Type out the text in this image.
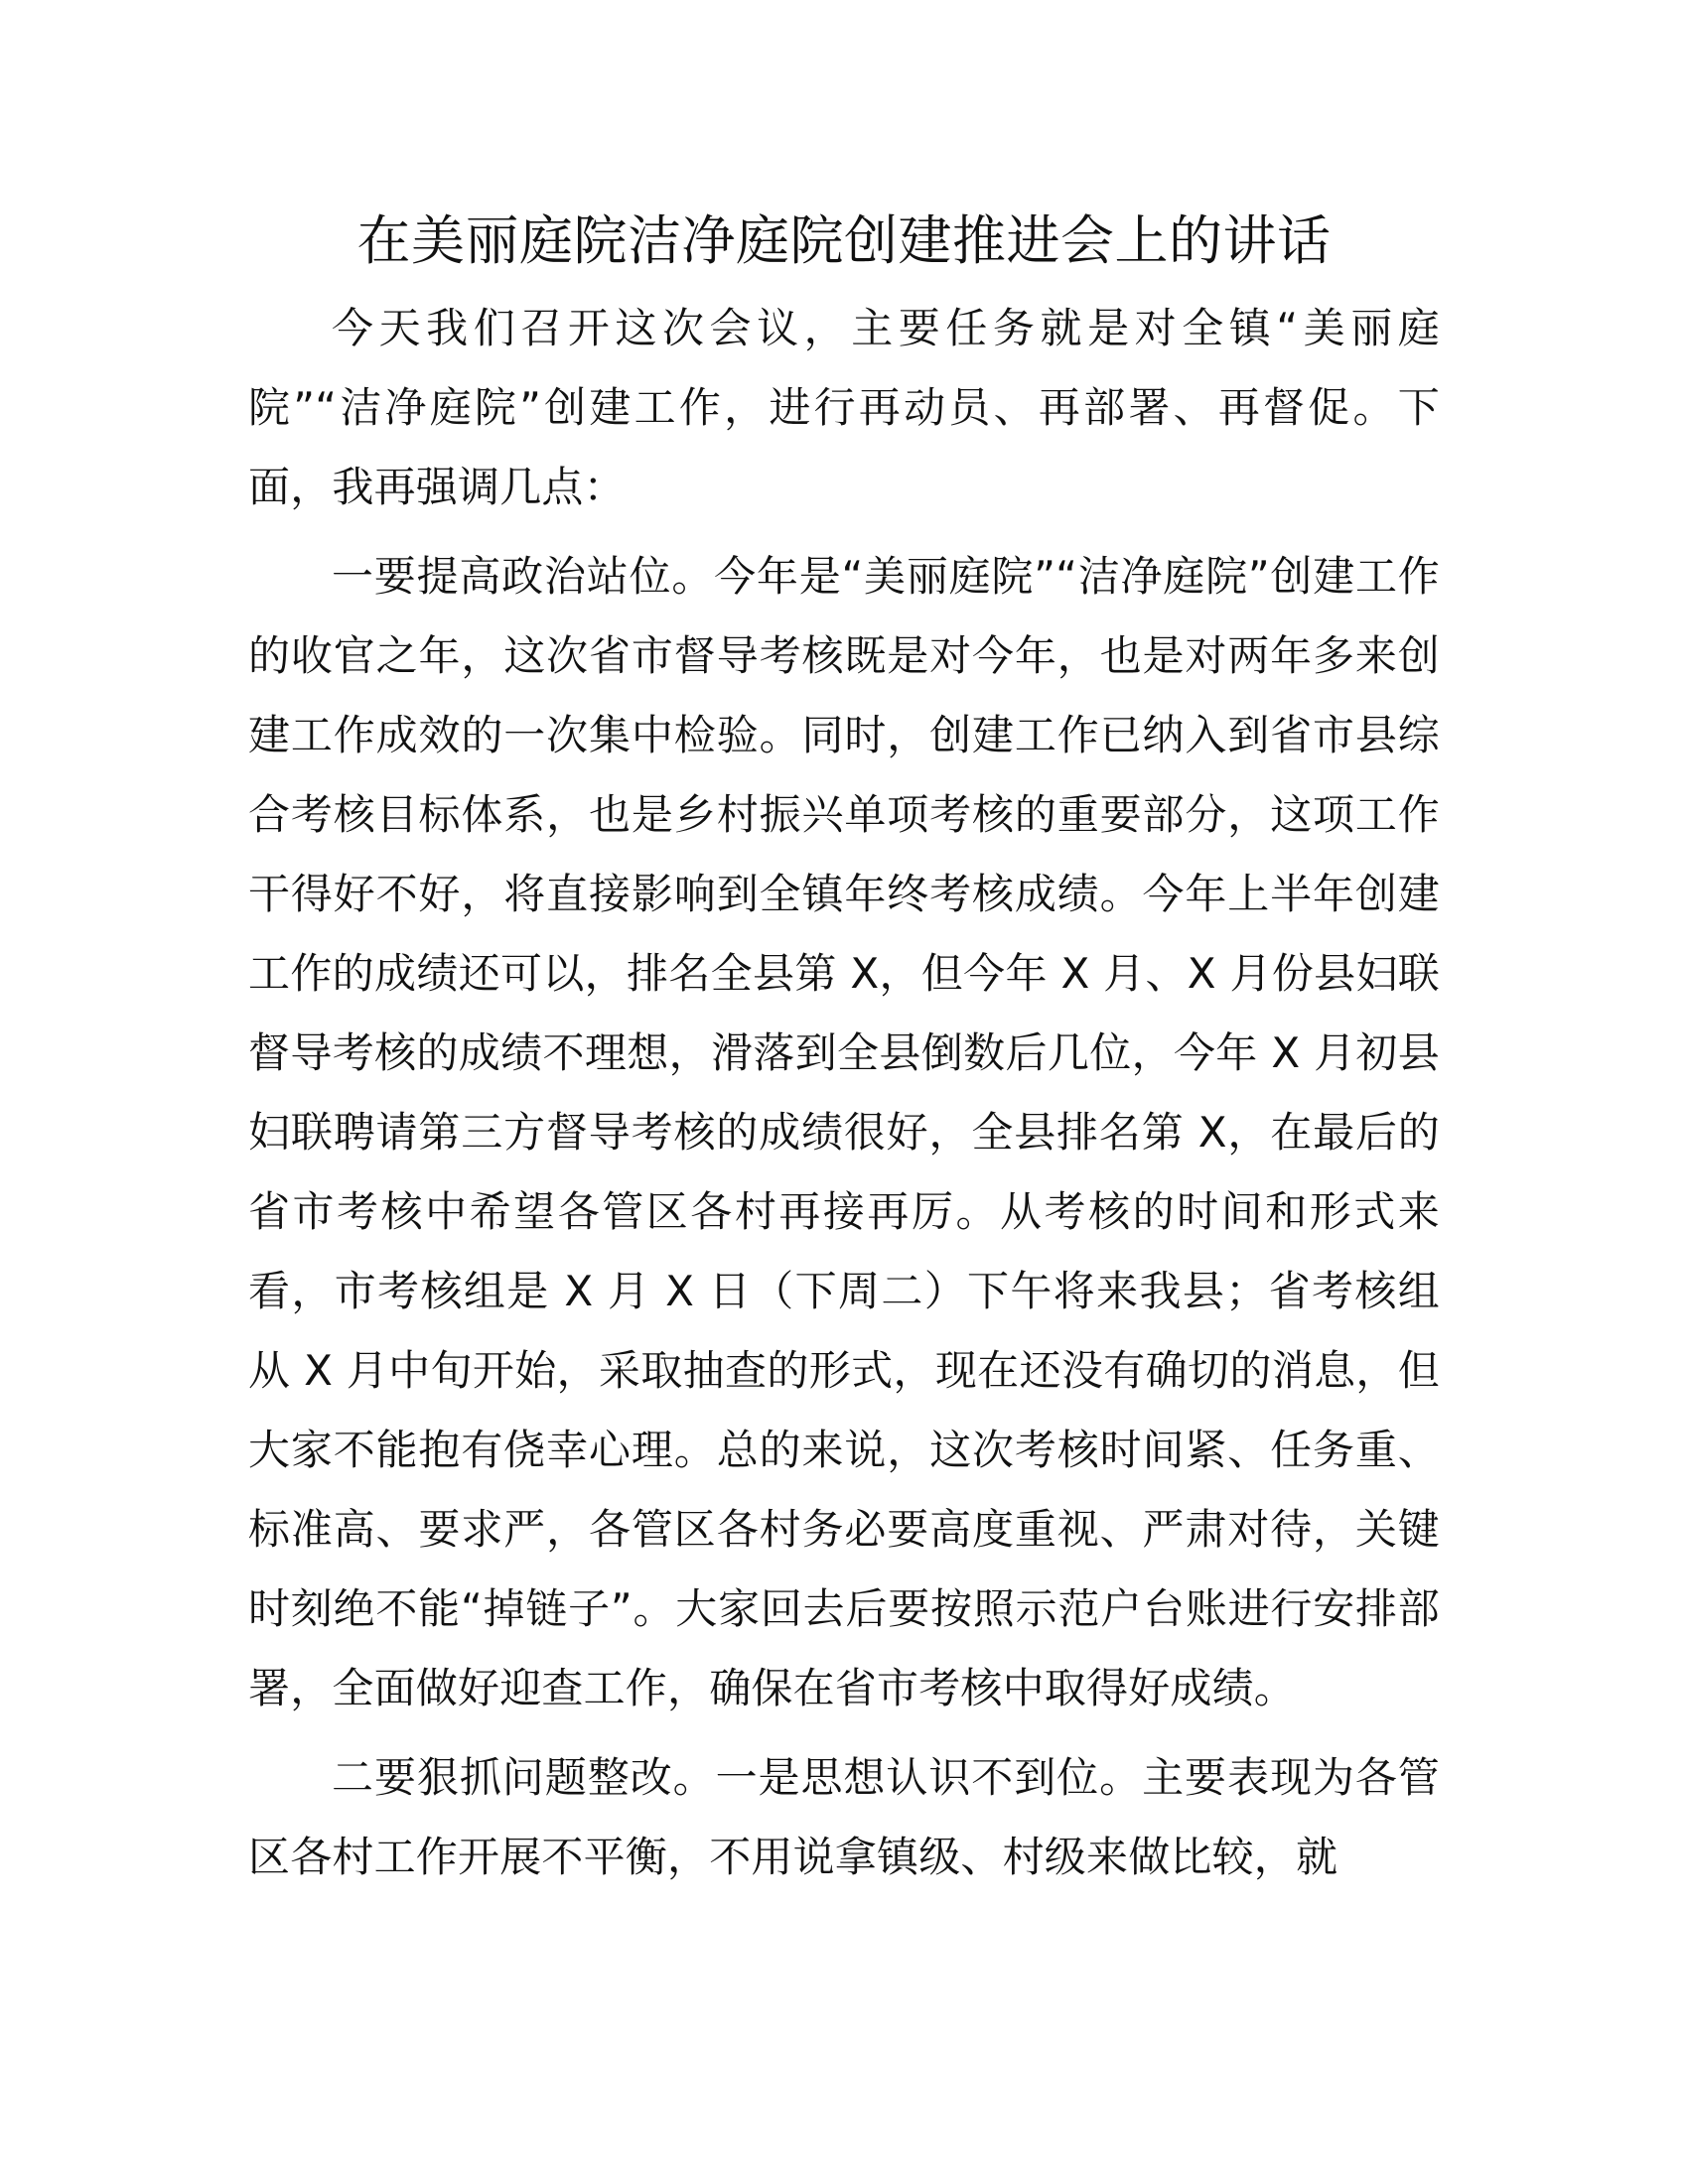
在美丽庭院洁净庭院创建推进会上的讲话

今天我们召开这次会议，主要任务就是对全镇“美丽庭院”“洁净庭院”创建工作，进行再动员、再部署、再督促。下面，我再强调几点：

一要提高政治站位。今年是“美丽庭院”“洁净庭院”创建工作的收官之年，这次省市督导考核既是对今年，也是对两年多来创建工作成效的一次集中检验。同时，创建工作已纳入到省市县综合考核目标体系，也是乡村振兴单项考核的重要部分，这项工作干得好不好，将直接影响到全镇年终考核成绩。今年上半年创建工作的成绩还可以，排名全县第 X，但今年 X 月、X 月份县妇联督导考核的成绩不理想，滑落到全县倒数后几位，今年 X 月初县妇联聘请第三方督导考核的成绩很好，全县排名第 X，在最后的省市考核中希望各管区各村再接再厉。从考核的时间和形式来看，市考核组是 X 月 X 日（下周二）下午将来我县；省考核组从 X 月中旬开始，采取抽查的形式，现在还没有确切的消息，但大家不能抱有侥幸心理。总的来说，这次考核时间紧、任务重、标准高、要求严，各管区各村务必要高度重视、严肃对待，关键时刻绝不能“掉链子”。大家回去后要按照示范户台账进行安排部署，全面做好迎查工作，确保在省市考核中取得好成绩。

二要狠抓问题整改。一是思想认识不到位。主要表现为各管区各村工作开展不平衡，不用说拿镇级、村级来做比较，就
